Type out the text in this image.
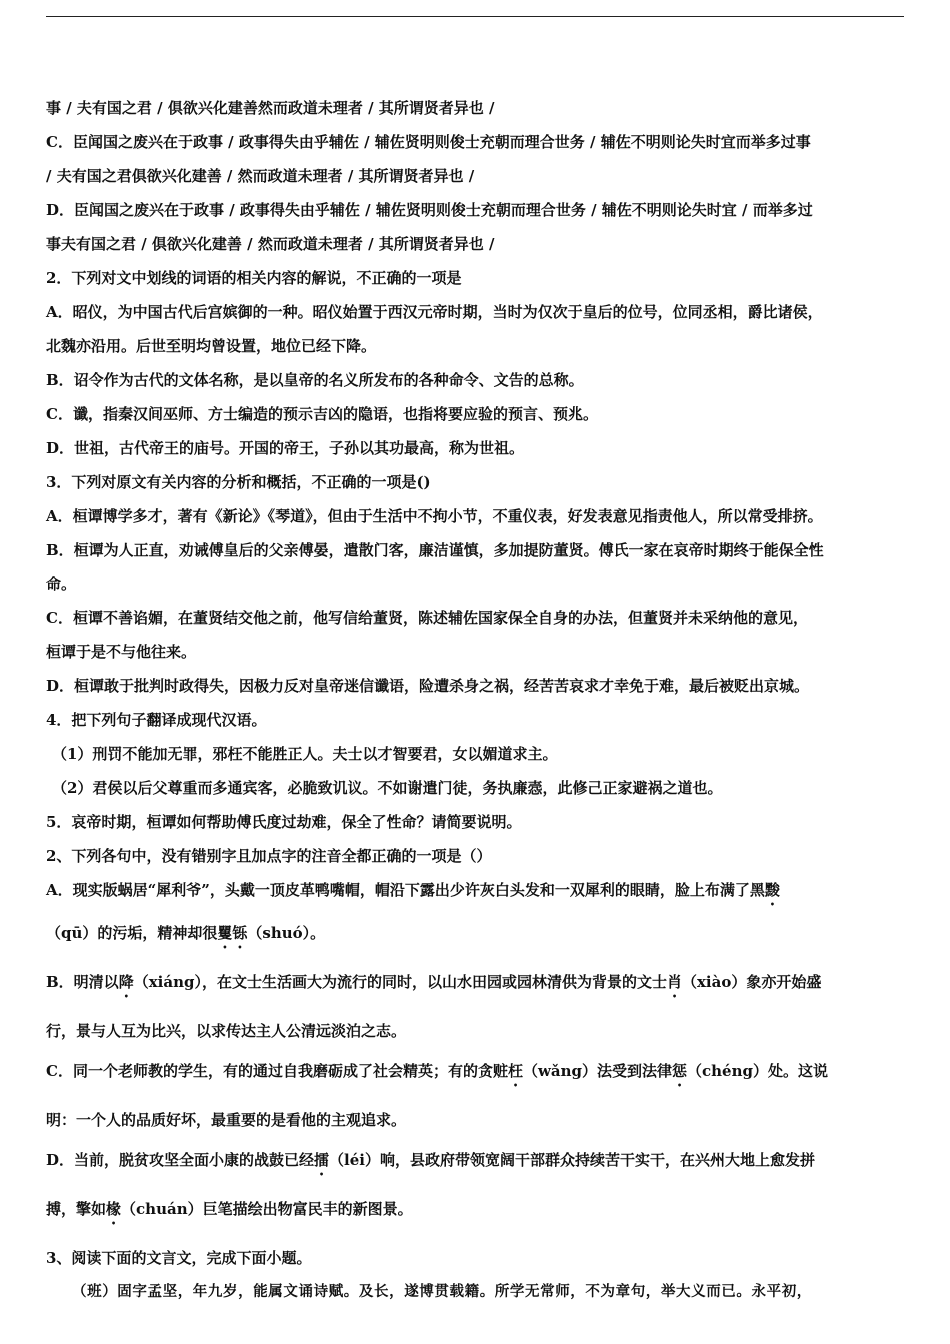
事 / 夫有国之君 / 俱欲兴化建善然而政道未理者 / 其所谓贤者异也 /
C．臣闻国之废兴在于政事 / 政事得失由乎辅佐 / 辅佐贤明则俊士充朝而理合世务 / 辅佐不明则论失时宜而举多过事
/ 夫有国之君俱欲兴化建善 / 然而政道未理者 / 其所谓贤者异也 /
D．臣闻国之废兴在于政事 / 政事得失由乎辅佐 / 辅佐贤明则俊士充朝而理合世务 / 辅佐不明则论失时宜 / 而举多过
事夫有国之君 / 俱欲兴化建善 / 然而政道未理者 / 其所谓贤者异也 /
2．下列对文中划线的词语的相关内容的解说，不正确的一项是
A．昭仪，为中国古代后宫嫔御的一种。昭仪始置于西汉元帝时期，当时为仅次于皇后的位号，位同丞相，爵比诸侯，
北魏亦沿用。后世至明均曾设置，地位已经下降。
B．诏令作为古代的文体名称，是以皇帝的名义所发布的各种命令、文告的总称。
C．谶，指秦汉间巫师、方士编造的预示吉凶的隐语，也指将要应验的预言、预兆。
D．世祖，古代帝王的庙号。开国的帝王，子孙以其功最高，称为世祖。
3．下列对原文有关内容的分析和概括，不正确的一项是()
A．桓谭博学多才，著有《新论》《琴道》，但由于生活中不拘小节，不重仪表，好发表意见指责他人，所以常受排挤。
B．桓谭为人正直，劝诫傅皇后的父亲傅晏，遣散门客，廉洁谨慎，多加提防董贤。傅氏一家在哀帝时期终于能保全性
命。
C．桓谭不善谄媚，在董贤结交他之前，他写信给董贤，陈述辅佐国家保全自身的办法，但董贤并未采纳他的意见，
桓谭于是不与他往来。
D．桓谭敢于批判时政得失，因极力反对皇帝迷信谶语，险遭杀身之祸，经苦苦哀求才幸免于难，最后被贬出京城。
4．把下列句子翻译成现代汉语。
（1）刑罚不能加无罪，邪枉不能胜正人。夫士以才智要君，女以媚道求主。
（2）君侯以后父尊重而多通宾客，必脆致讥议。不如谢遣门徒，务执廉悫，此修己正家避祸之道也。
5．哀帝时期，桓谭如何帮助傅氏度过劫难，保全了性命？请简要说明。
2、下列各句中，没有错别字且加点字的注音全都正确的一项是（）
A．现实版蜗居“犀利爷”，头戴一顶皮革鸭嘴帽，帽沿下露出少许灰白头发和一双犀利的眼睛，脸上布满了黑黢
（qū）的污垢，精神却很矍铄（shuó）。
B．明清以降（xiáng），在文士生活画大为流行的同时，以山水田园或园林清供为背景的文士肖（xiào）象亦开始盛
行，景与人互为比兴，以求传达主人公清远淡泊之志。
C．同一个老师教的学生，有的通过自我磨砺成了社会精英；有的贪赃枉（wǎng）法受到法律惩（chéng）处。这说
明：一个人的品质好坏，最重要的是看他的主观追求。
D．当前，脱贫攻坚全面小康的战鼓已经擂（léi）响，县政府带领宽阔干部群众持续苦干实干，在兴州大地上愈发拼
搏，擎如椽（chuán）巨笔描绘出物富民丰的新图景。
3、阅读下面的文言文，完成下面小题。
（班）固字孟坚，年九岁，能属文诵诗赋。及长，遂博贯载籍。所学无常师，不为章句，举大义而已。永平初，
